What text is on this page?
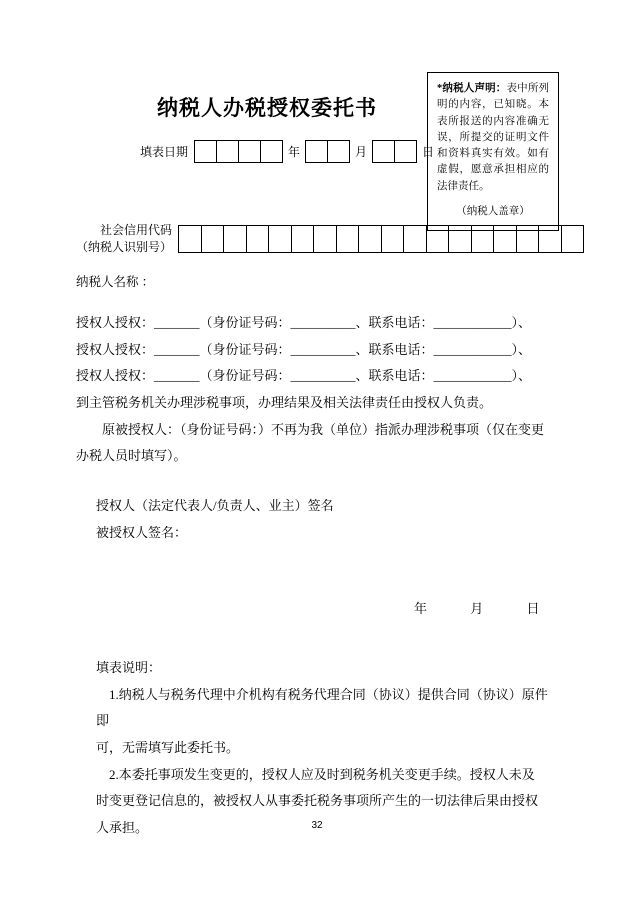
*纳税人声明：表中所列明的内容，已知晓。本表所报送的内容准确无误，所提交的证明文件和资料真实有效。如有虚假，愿意承担相应的法律责任。
（纳税人盖章）
纳税人办税授权委托书
填表日期	年	月	日
社会信用代码
（纳税人识别号）
纳税人名称 ：

授权人授权：_______（身份证号码：__________、联系电话：____________）、

授权人授权：_______（身份证号码：__________、联系电话：____________）、

授权人授权：_______（身份证号码：__________、联系电话：____________）、

到主管税务机关办理涉税事项，办理结果及相关法律责任由授权人负责。

原被授权人：（身份证号码：）不再为我（单位）指派办理涉税事项（仅在变更

办税人员时填写）。

授权人（法定代表人/负责人、业主）签名
被授权人签名：
年	月	日

填表说明：

1.纳税人与税务代理中介机构有税务代理合同（协议）提供合同（协议）原件即

可，无需填写此委托书。

2.本委托事项发生变更的，授权人应及时到税务机关变更手续。授权人未及

时变更登记信息的，被授权人从事委托税务事项所产生的一切法律后果由授权人承担。	32
